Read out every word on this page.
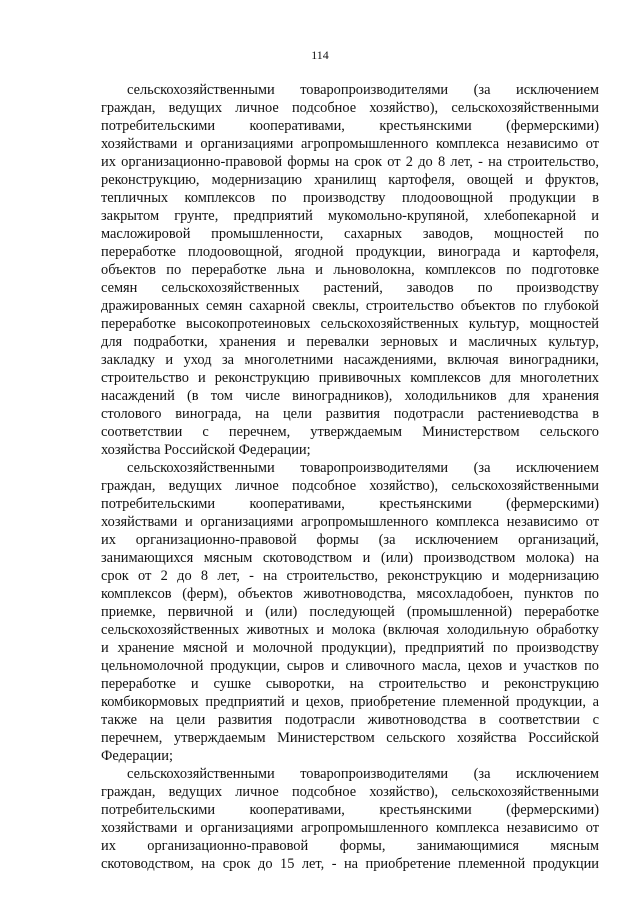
114
сельскохозяйственными товаропроизводителями (за исключением
граждан, ведущих личное подсобное хозяйство), сельскохозяйственными
потребительскими кооперативами, крестьянскими (фермерскими)
хозяйствами и организациями агропромышленного комплекса независимо от
их организационно-правовой формы на срок от 2 до 8 лет, - на строительство,
реконструкцию, модернизацию хранилищ картофеля, овощей и фруктов,
тепличных комплексов по производству плодоовощной продукции в
закрытом грунте, предприятий мукомольно-крупяной, хлебопекарной и
масложировой промышленности, сахарных заводов, мощностей по
переработке плодоовощной, ягодной продукции, винограда и картофеля,
объектов по переработке льна и льноволокна, комплексов по подготовке
семян сельскохозяйственных растений, заводов по производству
дражированных семян сахарной свеклы, строительство объектов по глубокой
переработке высокопротеиновых сельскохозяйственных культур, мощностей
для подработки, хранения и перевалки зерновых и масличных культур,
закладку и уход за многолетними насаждениями, включая виноградники,
строительство и реконструкцию прививочных комплексов для многолетних
насаждений (в том числе виноградников), холодильников для хранения
столового винограда, на цели развития подотрасли растениеводства в
соответствии с перечнем, утверждаемым Министерством сельского
хозяйства Российской Федерации;
сельскохозяйственными товаропроизводителями (за исключением
граждан, ведущих личное подсобное хозяйство), сельскохозяйственными
потребительскими кооперативами, крестьянскими (фермерскими)
хозяйствами и организациями агропромышленного комплекса независимо от
их организационно-правовой формы (за исключением организаций,
занимающихся мясным скотоводством и (или) производством молока) на
срок от 2 до 8 лет, - на строительство, реконструкцию и модернизацию
комплексов (ферм), объектов животноводства, мясохладобоен, пунктов по
приемке, первичной и (или) последующей (промышленной) переработке
сельскохозяйственных животных и молока (включая холодильную обработку
и хранение мясной и молочной продукции), предприятий по производству
цельномолочной продукции, сыров и сливочного масла, цехов и участков по
переработке и сушке сыворотки, на строительство и реконструкцию
комбикормовых предприятий и цехов, приобретение племенной продукции, а
также на цели развития подотрасли животноводства в соответствии с
перечнем, утверждаемым Министерством сельского хозяйства Российской
Федерации;
сельскохозяйственными товаропроизводителями (за исключением
граждан, ведущих личное подсобное хозяйство), сельскохозяйственными
потребительскими кооперативами, крестьянскими (фермерскими)
хозяйствами и организациями агропромышленного комплекса независимо от
их организационно-правовой формы, занимающимися мясным
скотоводством, на срок до 15 лет, - на приобретение племенной продукции
